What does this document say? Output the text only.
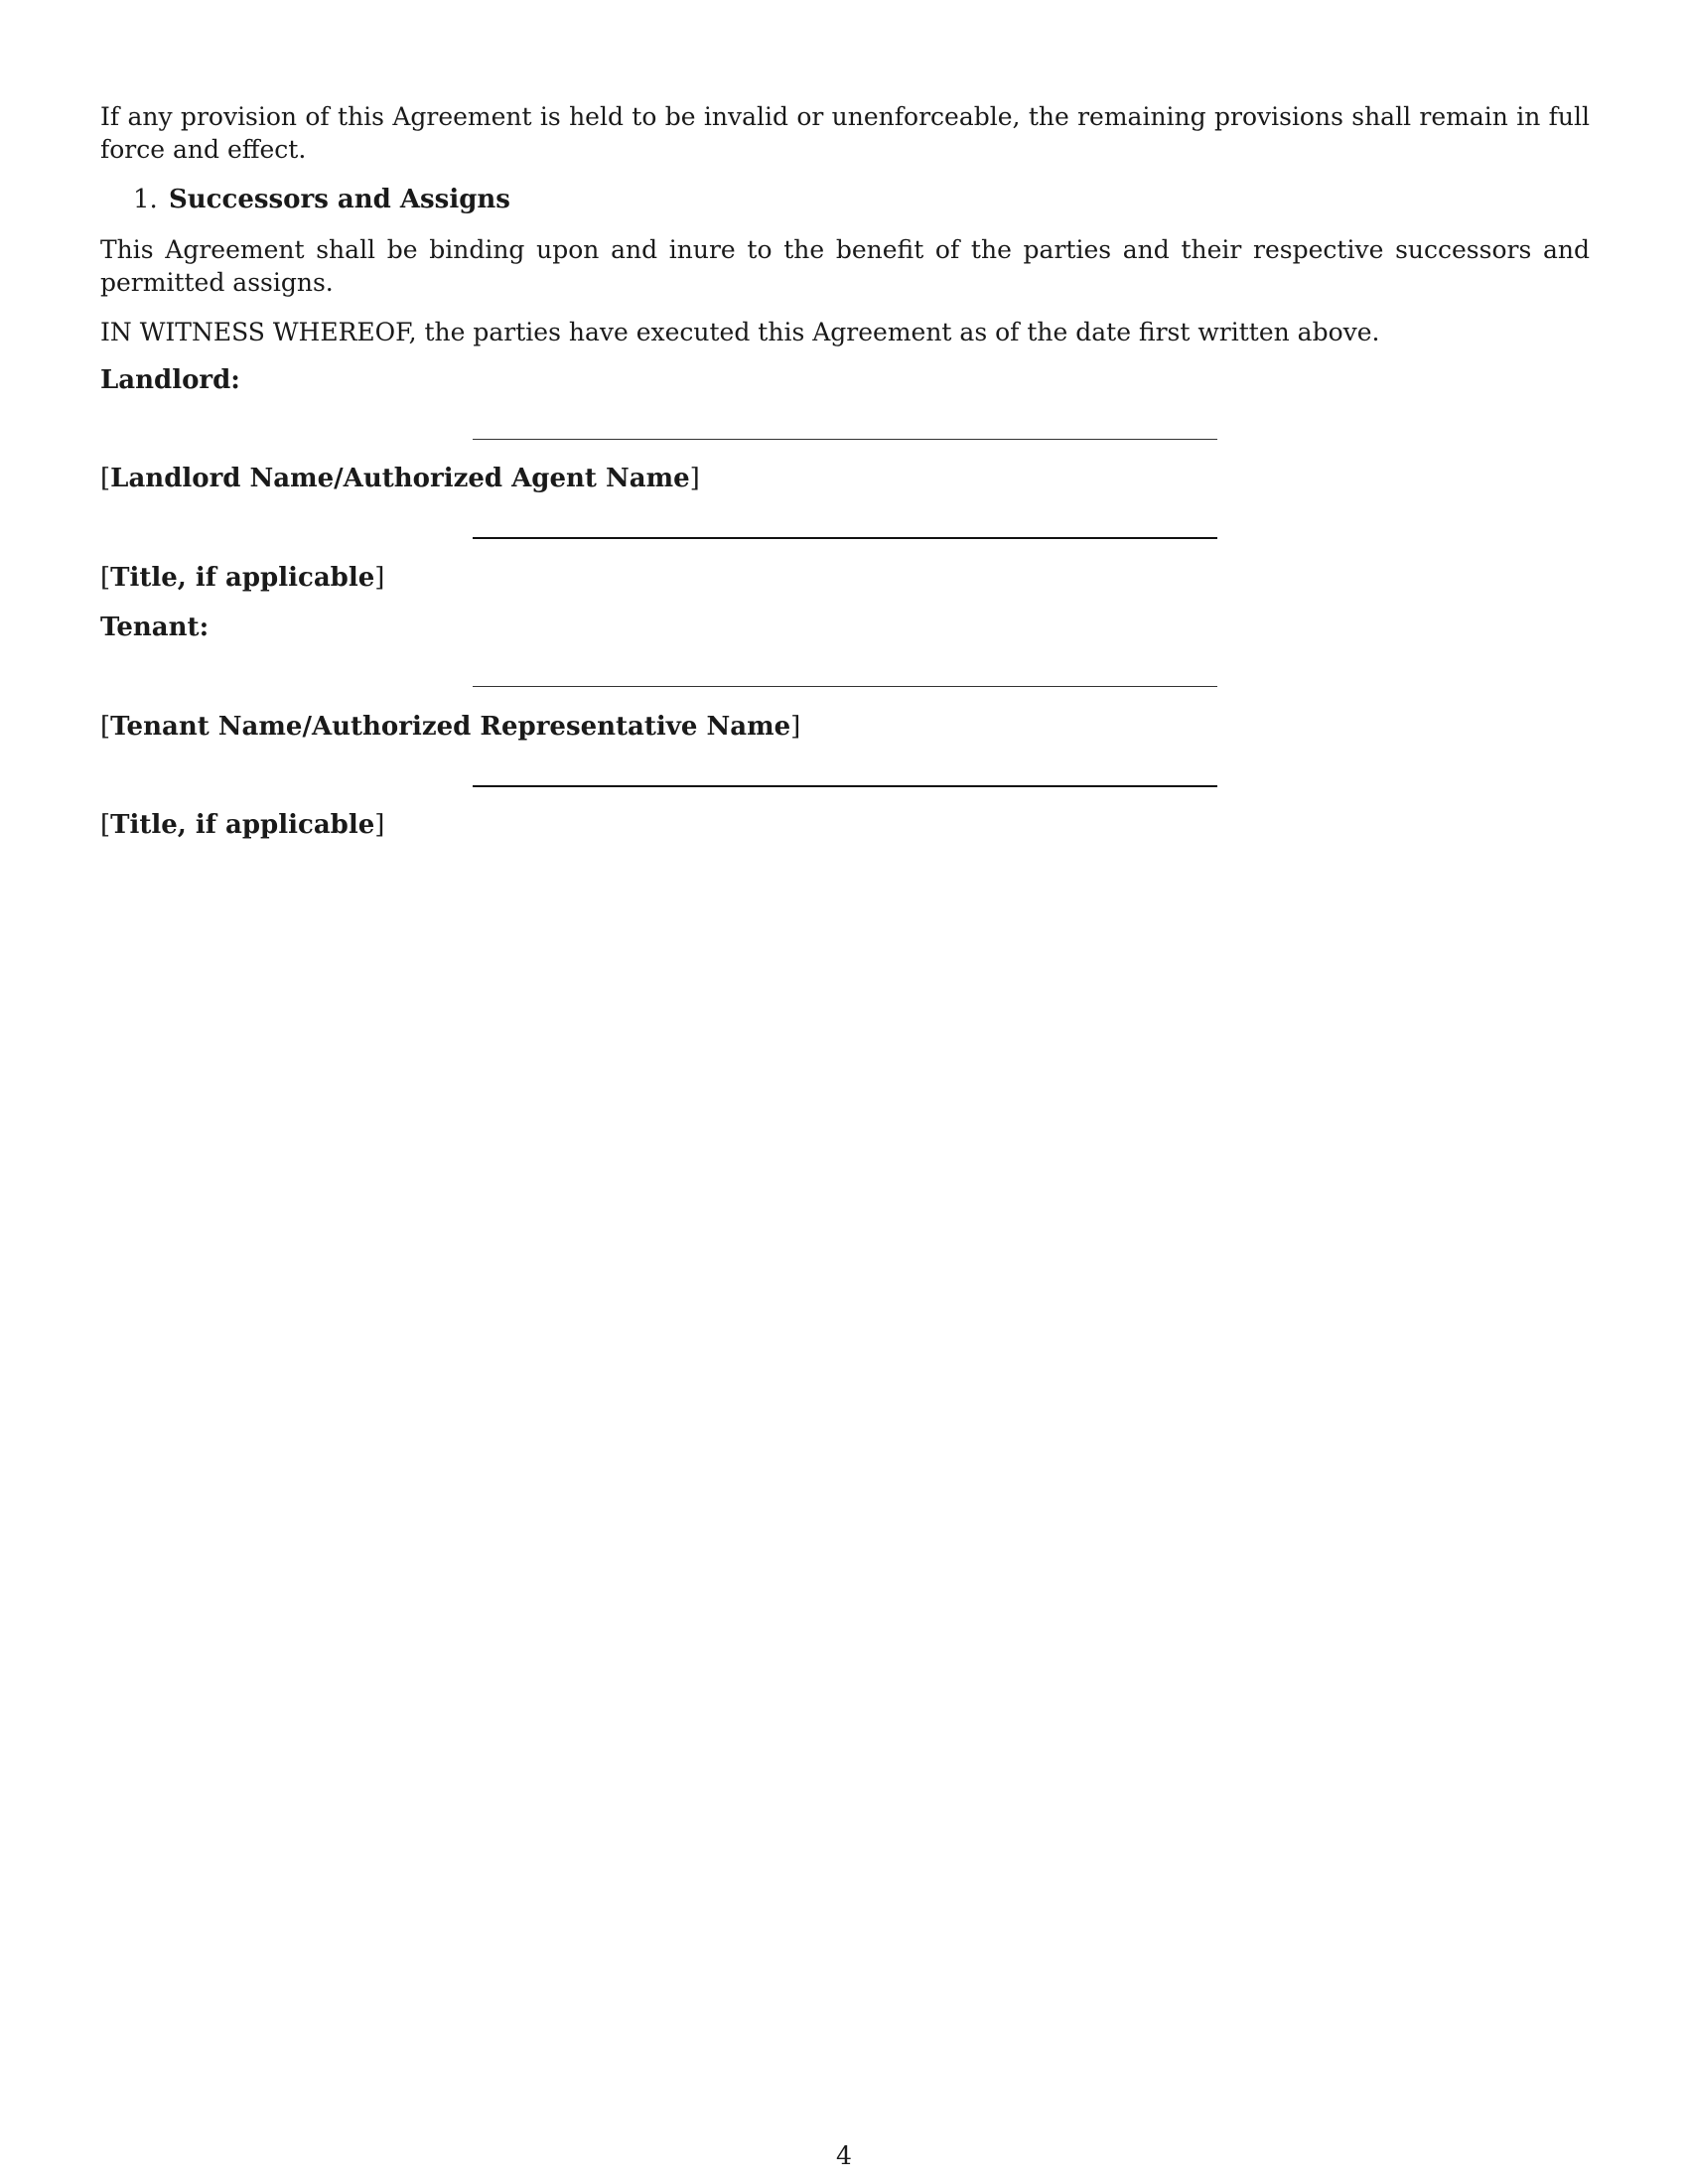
If any provision of this Agreement is held to be invalid or unenforceable, the remaining provisions shall remain in full force and effect.

1. Successors and Assigns

This Agreement shall be binding upon and inure to the benefit of the parties and their respective successors and permitted assigns.

IN WITNESS WHEREOF, the parties have executed this Agreement as of the date first written above.

Landlord:

[Landlord Name/Authorized Agent Name]

[Title, if applicable]

Tenant:

[Tenant Name/Authorized Representative Name]

[Title, if applicable]

4
